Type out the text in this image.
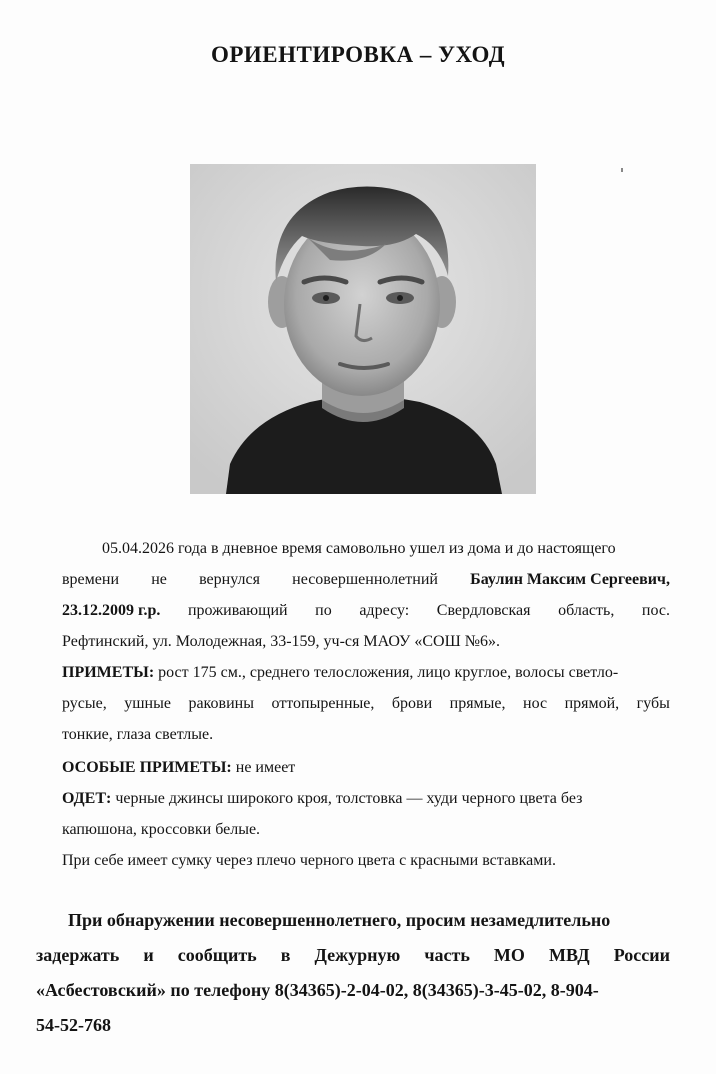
ОРИЕНТИРОВКА – УХОД
05.04.2026 года в дневное время самовольно ушел из дома и до настоящего
времени не вернулся несовершеннолетний Баулин Максим Сергеевич,
23.12.2009 г.р. проживающий по адресу: Свердловская область, пос.
Рефтинский, ул. Молодежная, 33-159, уч-ся МАОУ «СОШ №6».
ПРИМЕТЫ: рост 175 см., среднего телосложения, лицо круглое, волосы светло-
русые, ушные раковины оттопыренные, брови прямые, нос прямой, губы
тонкие, глаза светлые.
ОСОБЫЕ ПРИМЕТЫ: не имеет
ОДЕТ: черные джинсы широкого кроя, толстовка — худи черного цвета без
капюшона, кроссовки белые.
При себе имеет сумку через плечо черного цвета с красными вставками.
При обнаружении несовершеннолетнего, просим незамедлительно
задержать и сообщить в Дежурную часть МО МВД России
«Асбестовский» по телефону 8(34365)-2-04-02, 8(34365)-3-45-02, 8-904-
54-52-768
